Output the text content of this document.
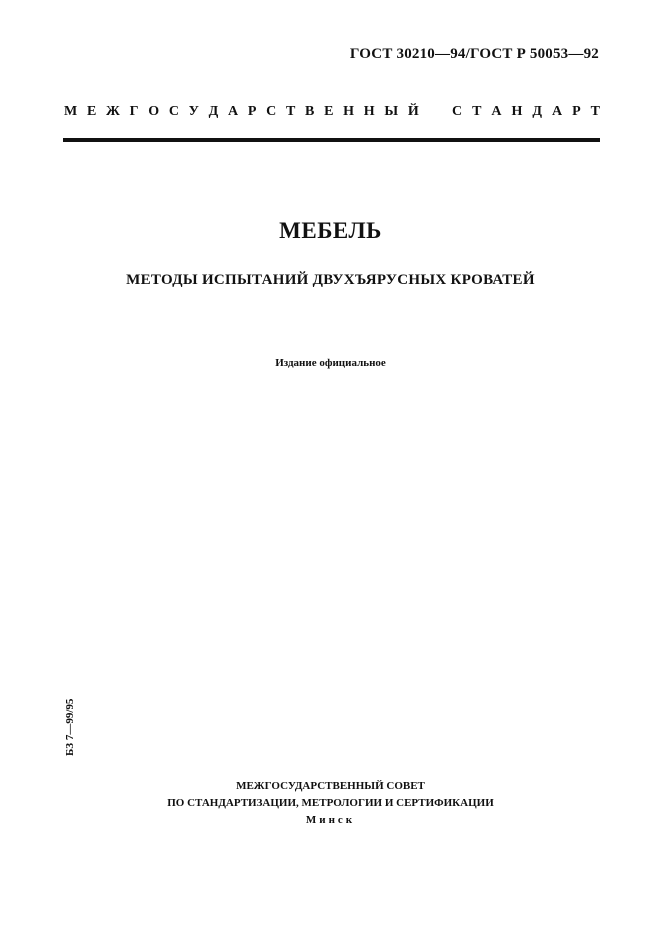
ГОСТ 30210—94/ГОСТ Р 50053—92
М Е Ж Г О С У Д А Р С Т В Е Н Н Ы Й С Т А Н Д А Р Т
МЕБЕЛЬ
МЕТОДЫ ИСПЫТАНИЙ ДВУХЪЯРУСНЫХ КРОВАТЕЙ
Издание официальное
БЗ 7—99/95
МЕЖГОСУДАРСТВЕННЫЙ СОВЕТ
ПО СТАНДАРТИЗАЦИИ, МЕТРОЛОГИИ И СЕРТИФИКАЦИИ
Минск
